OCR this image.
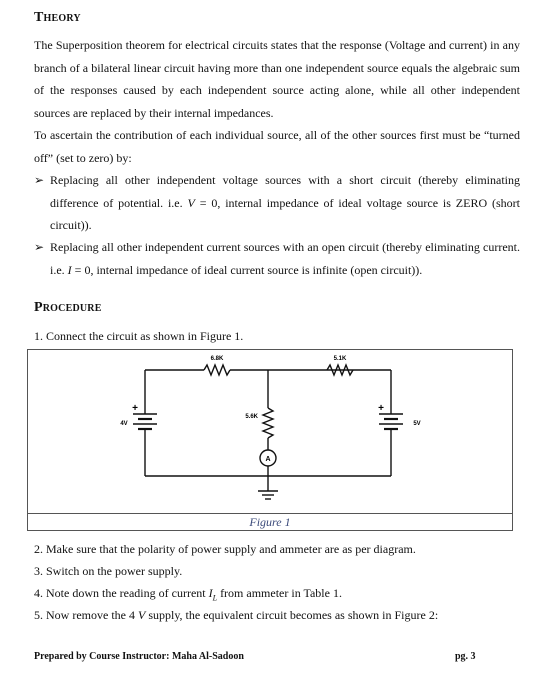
Theory
The Superposition theorem for electrical circuits states that the response (Voltage and current) in any branch of a bilateral linear circuit having more than one independent source equals the algebraic sum of the responses caused by each independent source acting alone, while all other independent sources are replaced by their internal impedances.
To ascertain the contribution of each individual source, all of the other sources first must be “turned off” (set to zero) by:
➢ Replacing all other independent voltage sources with a short circuit (thereby eliminating difference of potential. i.e. V = 0, internal impedance of ideal voltage source is ZERO (short circuit)).
➢ Replacing all other independent current sources with an open circuit (thereby eliminating current. i.e. I = 0, internal impedance of ideal current source is infinite (open circuit)).
Procedure
1. Connect the circuit as shown in Figure 1.
6.8K	5.1K
5.6K
4V
+
5V
+
A
Figure 1
2. Make sure that the polarity of power supply and ammeter are as per diagram.
3. Switch on the power supply.
4. Note down the reading of current $I_L$ from ammeter in Table 1.
5. Now remove the 4 V supply, the equivalent circuit becomes as shown in Figure 2:
Prepared by Course Instructor: Maha Al-Sadoon	pg. 3
